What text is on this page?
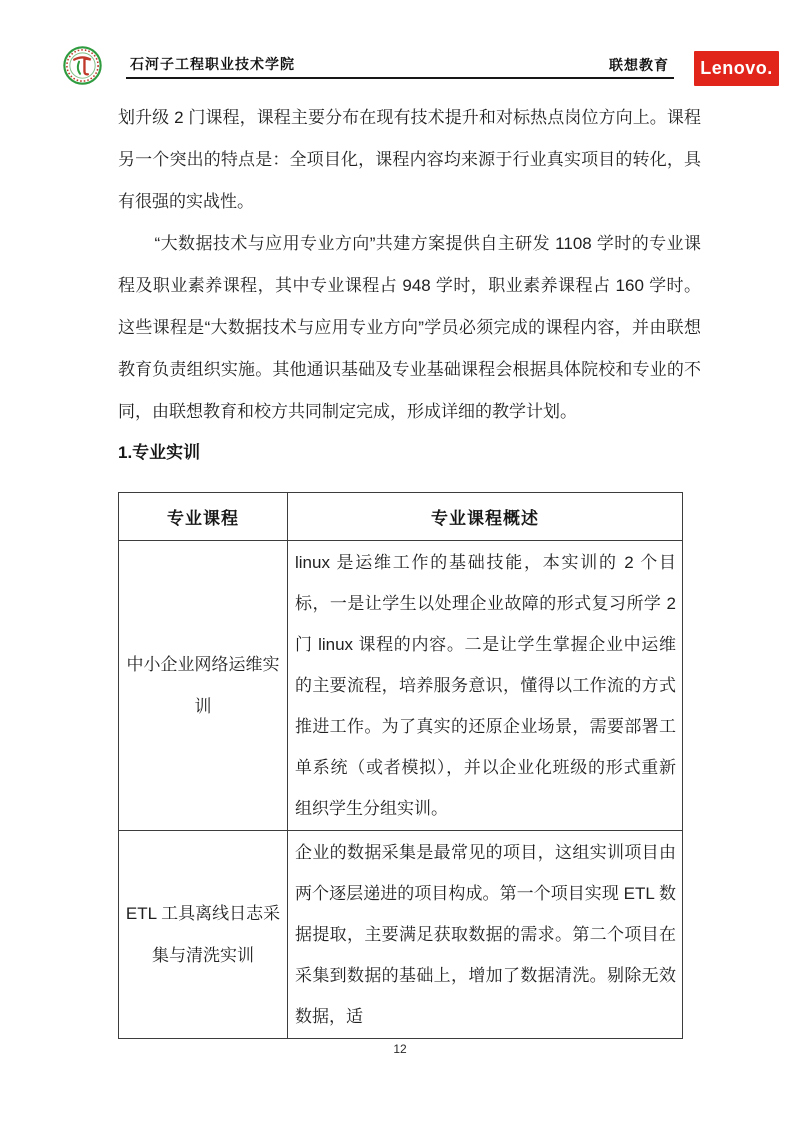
石河子工程职业技术学院	联想教育 Lenovo.

划升级 2 门课程，课程主要分布在现有技术提升和对标热点岗位方向上。课程另一个突出的特点是：全项目化，课程内容均来源于行业真实项目的转化，具有很强的实战性。

“大数据技术与应用专业方向”共建方案提供自主研发 1108 学时的专业课程及职业素养课程，其中专业课程占 948 学时，职业素养课程占 160 学时。这些课程是“大数据技术与应用专业方向”学员必须完成的课程内容，并由联想教育负责组织实施。其他通识基础及专业基础课程会根据具体院校和专业的不同，由联想教育和校方共同制定完成，形成详细的教学计划。

1.专业实训
专业课程	专业课程概述
中小企业网络运维实训	linux 是运维工作的基础技能，本实训的 2 个目标，一是让学生以处理企业故障的形式复习所学 2 门 linux 课程的内容。二是让学生掌握企业中运维的主要流程，培养服务意识，懂得以工作流的方式推进工作。为了真实的还原企业场景，需要部署工单系统（或者模拟），并以企业化班级的形式重新组织学生分组实训。
ETL 工具离线日志采集与清洗实训	企业的数据采集是最常见的项目，这组实训项目由两个逐层递进的项目构成。第一个项目实现 ETL 数据提取，主要满足获取数据的需求。第二个项目在采集到数据的基础上，增加了数据清洗。剔除无效数据，适
12
